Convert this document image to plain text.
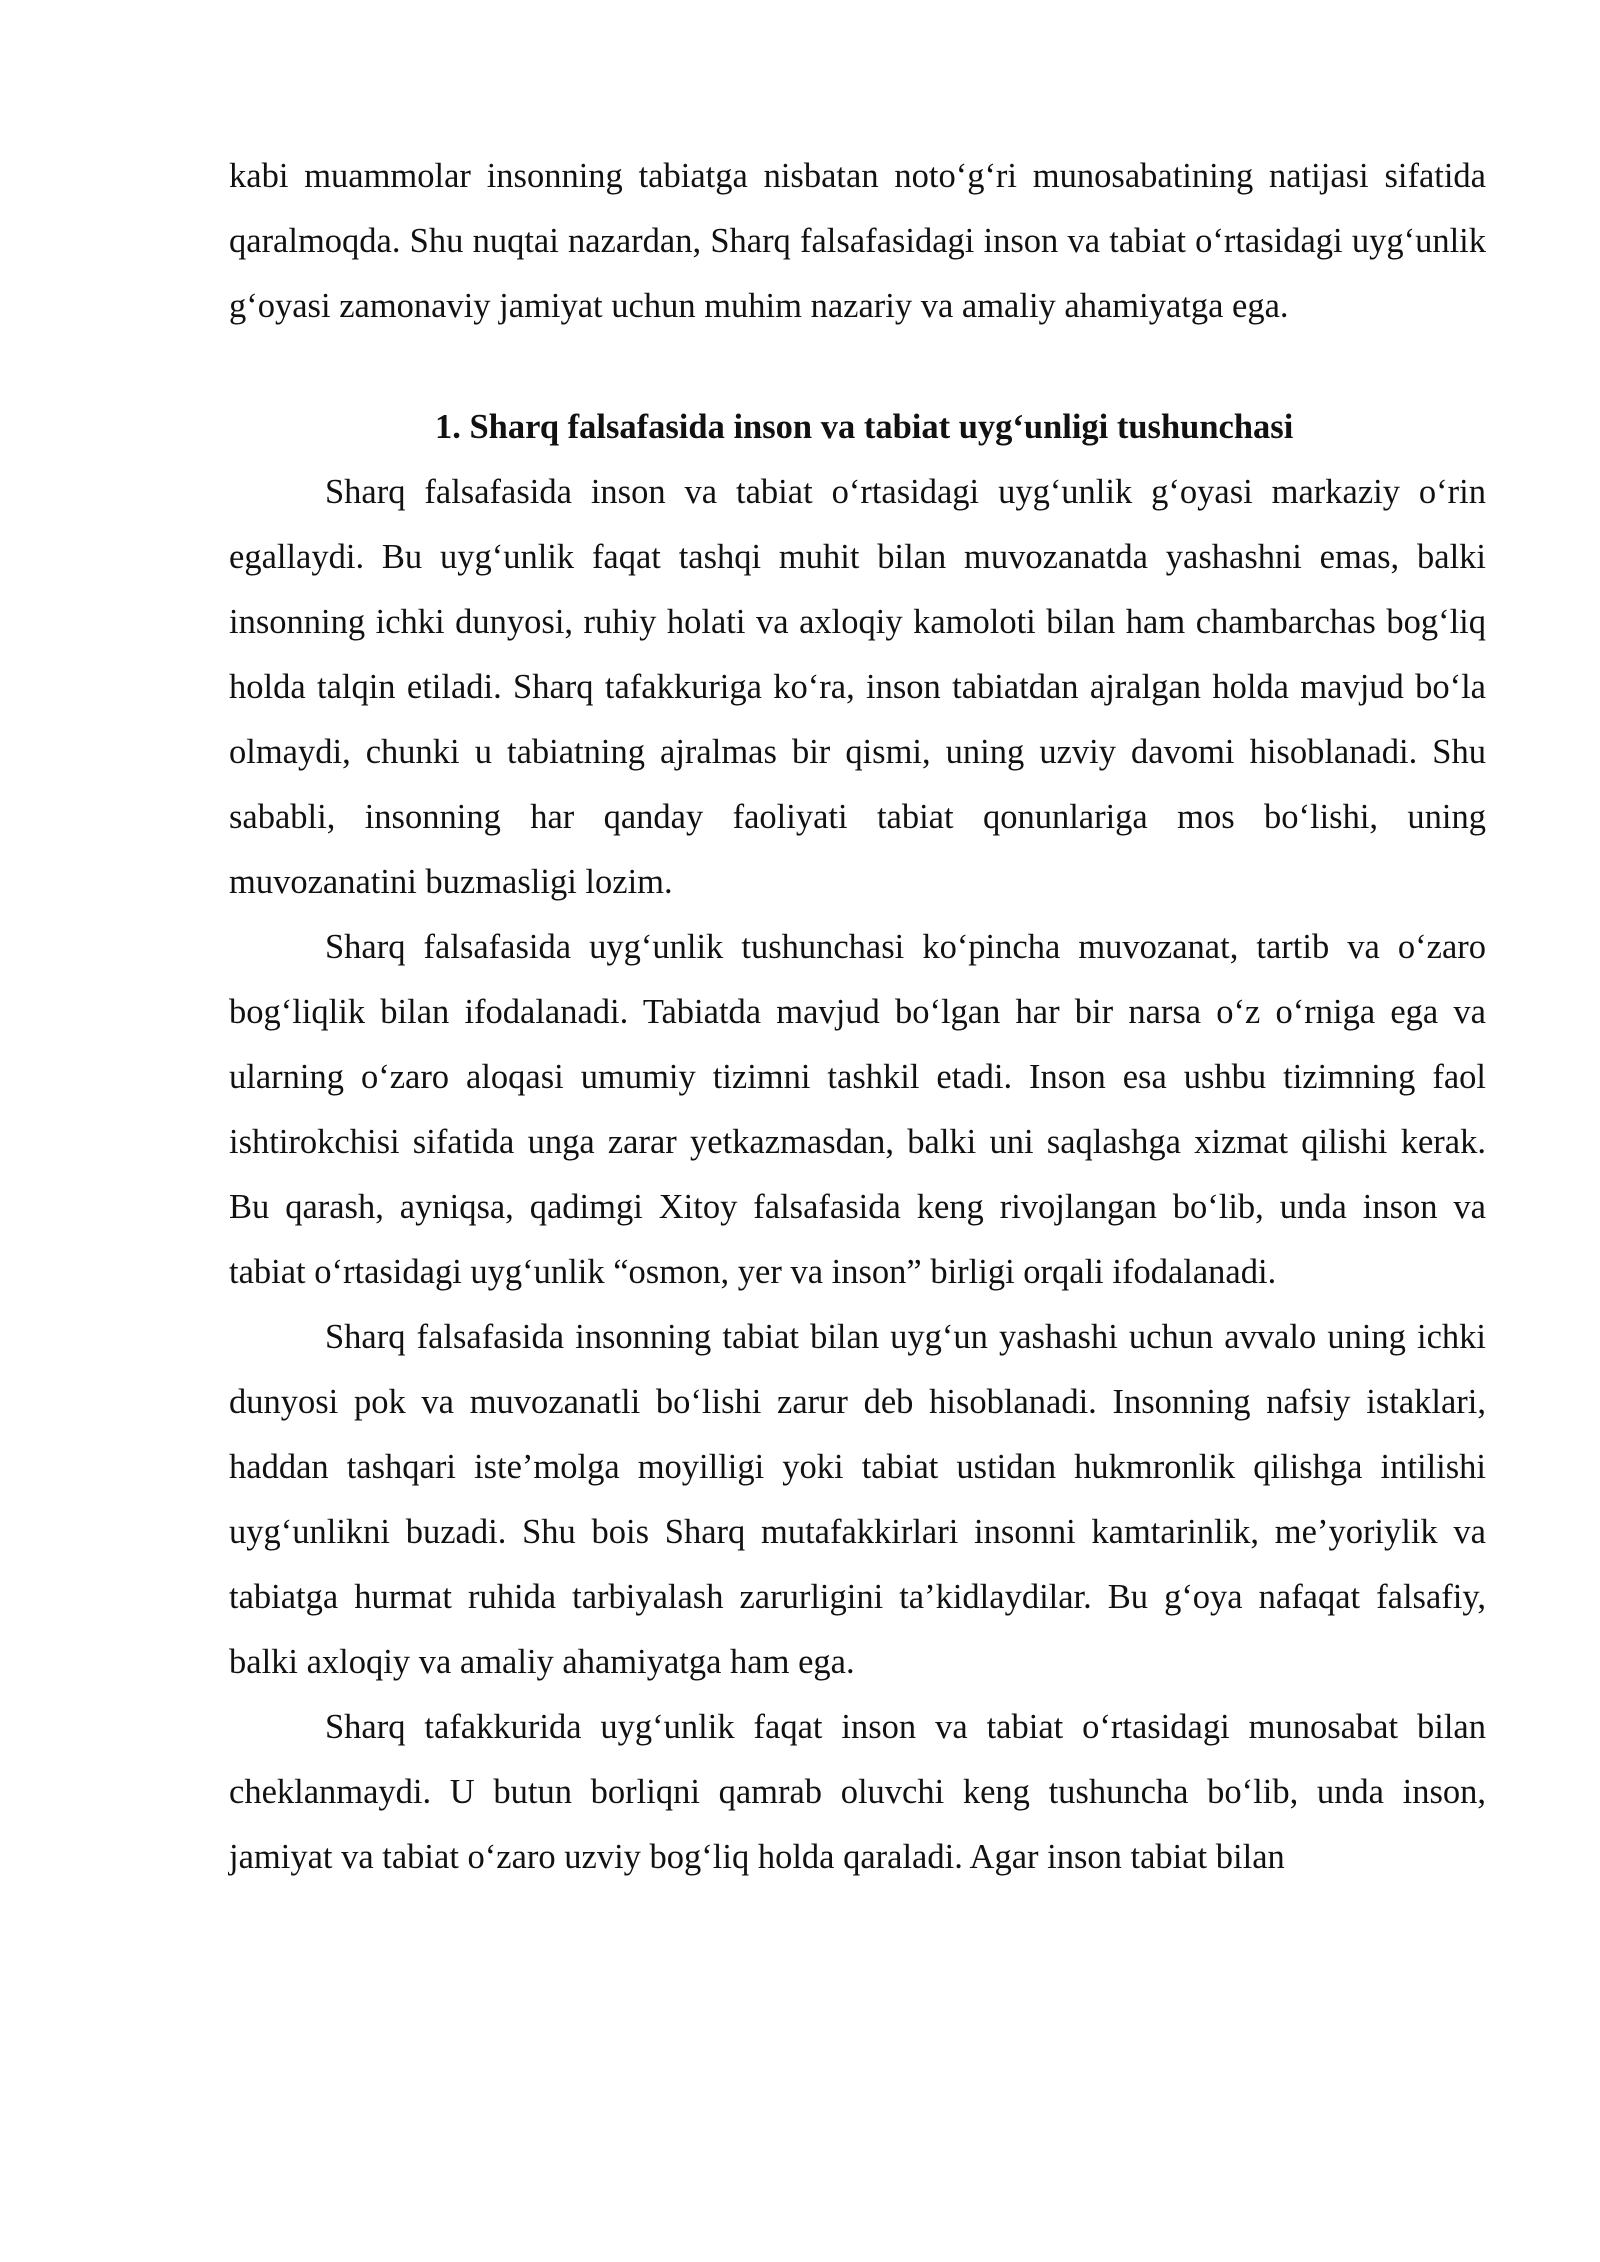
kabi muammolar insonning tabiatga nisbatan noto‘g‘ri munosabatining natijasi sifatida qaralmoqda. Shu nuqtai nazardan, Sharq falsafasidagi inson va tabiat o‘rtasidagi uyg‘unlik g‘oyasi zamonaviy jamiyat uchun muhim nazariy va amaliy ahamiyatga ega.

1. Sharq falsafasida inson va tabiat uyg‘unligi tushunchasi

Sharq falsafasida inson va tabiat o‘rtasidagi uyg‘unlik g‘oyasi markaziy o‘rin egallaydi. Bu uyg‘unlik faqat tashqi muhit bilan muvozanatda yashashni emas, balki insonning ichki dunyosi, ruhiy holati va axloqiy kamoloti bilan ham chambarchas bog‘liq holda talqin etiladi. Sharq tafakkuriga ko‘ra, inson tabiatdan ajralgan holda mavjud bo‘la olmaydi, chunki u tabiatning ajralmas bir qismi, uning uzviy davomi hisoblanadi. Shu sababli, insonning har qanday faoliyati tabiat qonunlariga mos bo‘lishi, uning muvozanatini buzmasligi lozim.

Sharq falsafasida uyg‘unlik tushunchasi ko‘pincha muvozanat, tartib va o‘zaro bog‘liqlik bilan ifodalanadi. Tabiatda mavjud bo‘lgan har bir narsa o‘z o‘rniga ega va ularning o‘zaro aloqasi umumiy tizimni tashkil etadi. Inson esa ushbu tizimning faol ishtirokchisi sifatida unga zarar yetkazmasdan, balki uni saqlashga xizmat qilishi kerak. Bu qarash, ayniqsa, qadimgi Xitoy falsafasida keng rivojlangan bo‘lib, unda inson va tabiat o‘rtasidagi uyg‘unlik “osmon, yer va inson” birligi orqali ifodalanadi.

Sharq falsafasida insonning tabiat bilan uyg‘un yashashi uchun avvalo uning ichki dunyosi pok va muvozanatli bo‘lishi zarur deb hisoblanadi. Insonning nafsiy istaklari, haddan tashqari iste’molga moyilligi yoki tabiat ustidan hukmronlik qilishga intilishi uyg‘unlikni buzadi. Shu bois Sharq mutafakkirlari insonni kamtarinlik, me’yoriylik va tabiatga hurmat ruhida tarbiyalash zarurligini ta’kidlaydilar. Bu g‘oya nafaqat falsafiy, balki axloqiy va amaliy ahamiyatga ham ega.

Sharq tafakkurida uyg‘unlik faqat inson va tabiat o‘rtasidagi munosabat bilan cheklanmaydi. U butun borliqni qamrab oluvchi keng tushuncha bo‘lib, unda inson, jamiyat va tabiat o‘zaro uzviy bog‘liq holda qaraladi. Agar inson tabiat bilan
